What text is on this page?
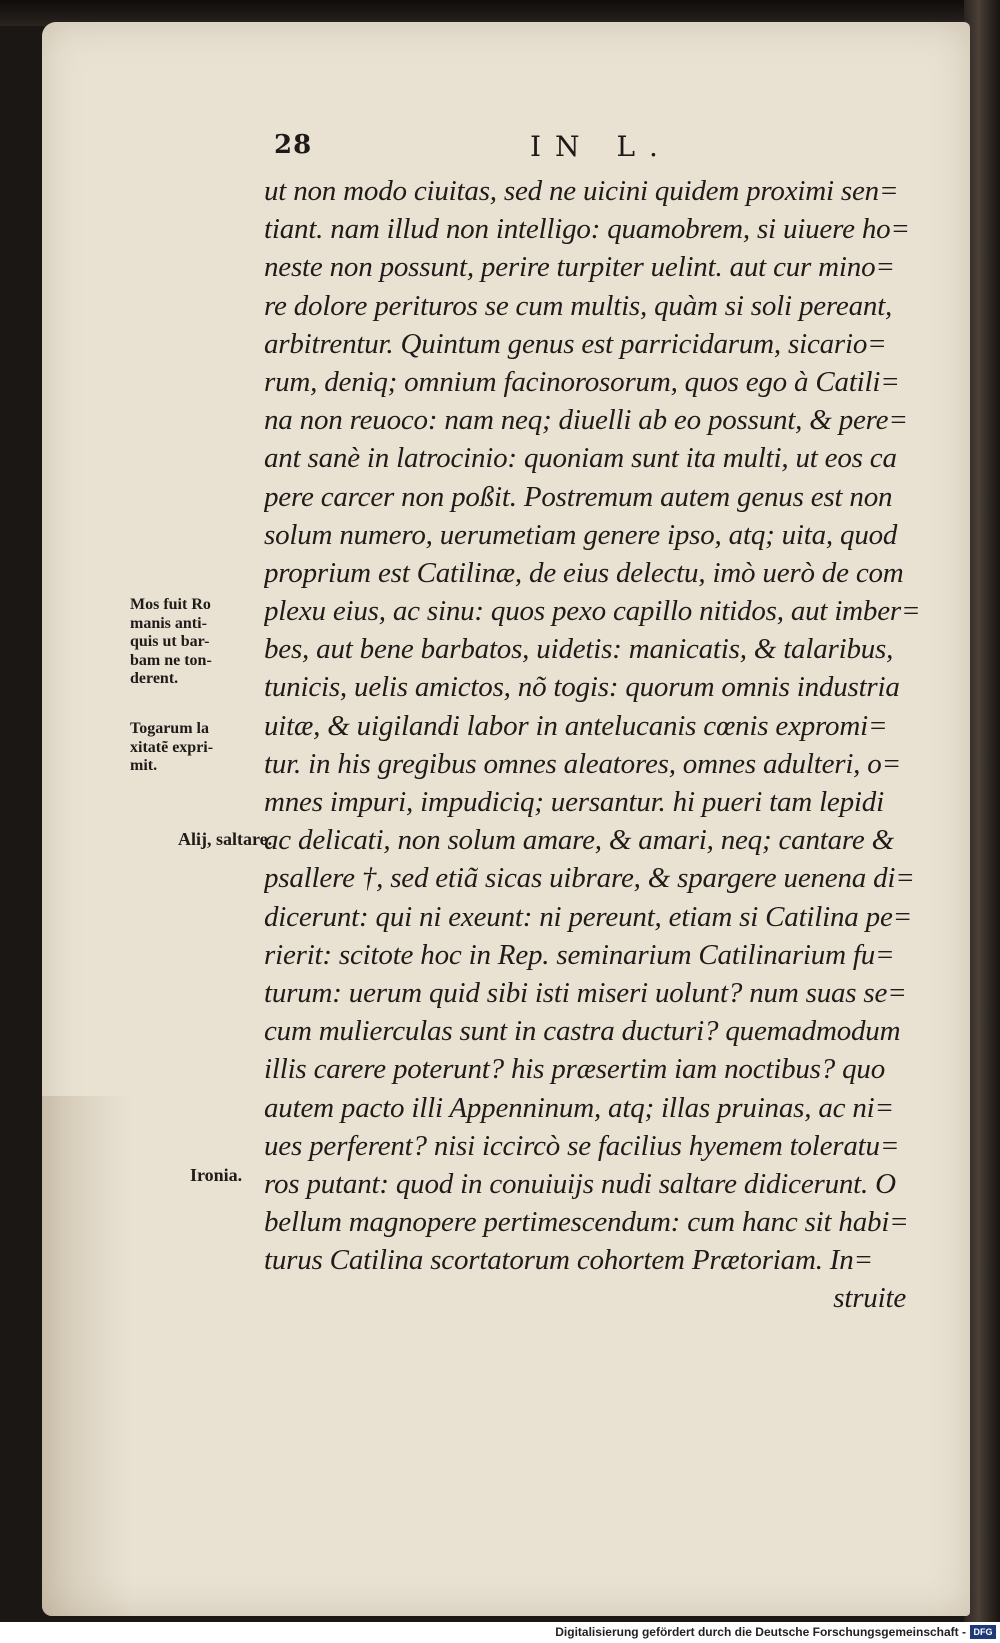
28	IN L.
ut non modo ciuitas, sed ne uicini quidem proximi sen=
tiant. nam illud non intelligo: quamobrem, si uiuere ho=
neste non possunt, perire turpiter uelint. aut cur mino=
re dolore perituros se cum multis, quàm si soli pereant,
arbitrentur. Quintum genus est parricidarum, sicario=
rum, deniq; omnium facinorosorum, quos ego à Catili=
na non reuoco: nam neq; diuelli ab eo possunt, & pere=
ant sanè in latrocinio: quoniam sunt ita multi, ut eos ca
pere carcer non poßit. Postremum autem genus est non
solum numero, uerumetiam genere ipso, atq; uita, quod
proprium est Catilinæ, de eius delectu, imò uerò de com
plexu eius, ac sinu: quos pexo capillo nitidos, aut imber=
bes, aut bene barbatos, uidetis: manicatis, & talaribus,
tunicis, uelis amictos, nõ togis: quorum omnis industria
uitæ, & uigilandi labor in antelucanis cœnis expromi=
tur. in his gregibus omnes aleatores, omnes adulteri, o=
mnes impuri, impudiciq; uersantur. hi pueri tam lepidi
ac delicati, non solum amare, & amari, neq; cantare &
psallere †, sed etiã sicas uibrare, & spargere uenena di=
dicerunt: qui ni exeunt: ni pereunt, etiam si Catilina pe=
rierit: scitote hoc in Rep. seminarium Catilinarium fu=
turum: uerum quid sibi isti miseri uolunt? num suas se=
cum mulierculas sunt in castra ducturi? quemadmodum
illis carere poterunt? his præsertim iam noctibus? quo
autem pacto illi Appenninum, atq; illas pruinas, ac ni=
ues perferent? nisi iccircò se facilius hyemem toleratu=
ros putant: quod in conuiuijs nudi saltare didicerunt. O
bellum magnopere pertimescendum: cum hanc sit habi=
turus Catilina scortatorum cohortem Prætoriam. In=
struite
Mos fuit Ro
manis anti-
quis ut bar-
bam ne ton-
derent.
Togarum la
xitatẽ expri-
mit.
Alij, saltare.
Ironia.
Digitalisierung gefördert durch die Deutsche Forschungsgemeinschaft - DFG
